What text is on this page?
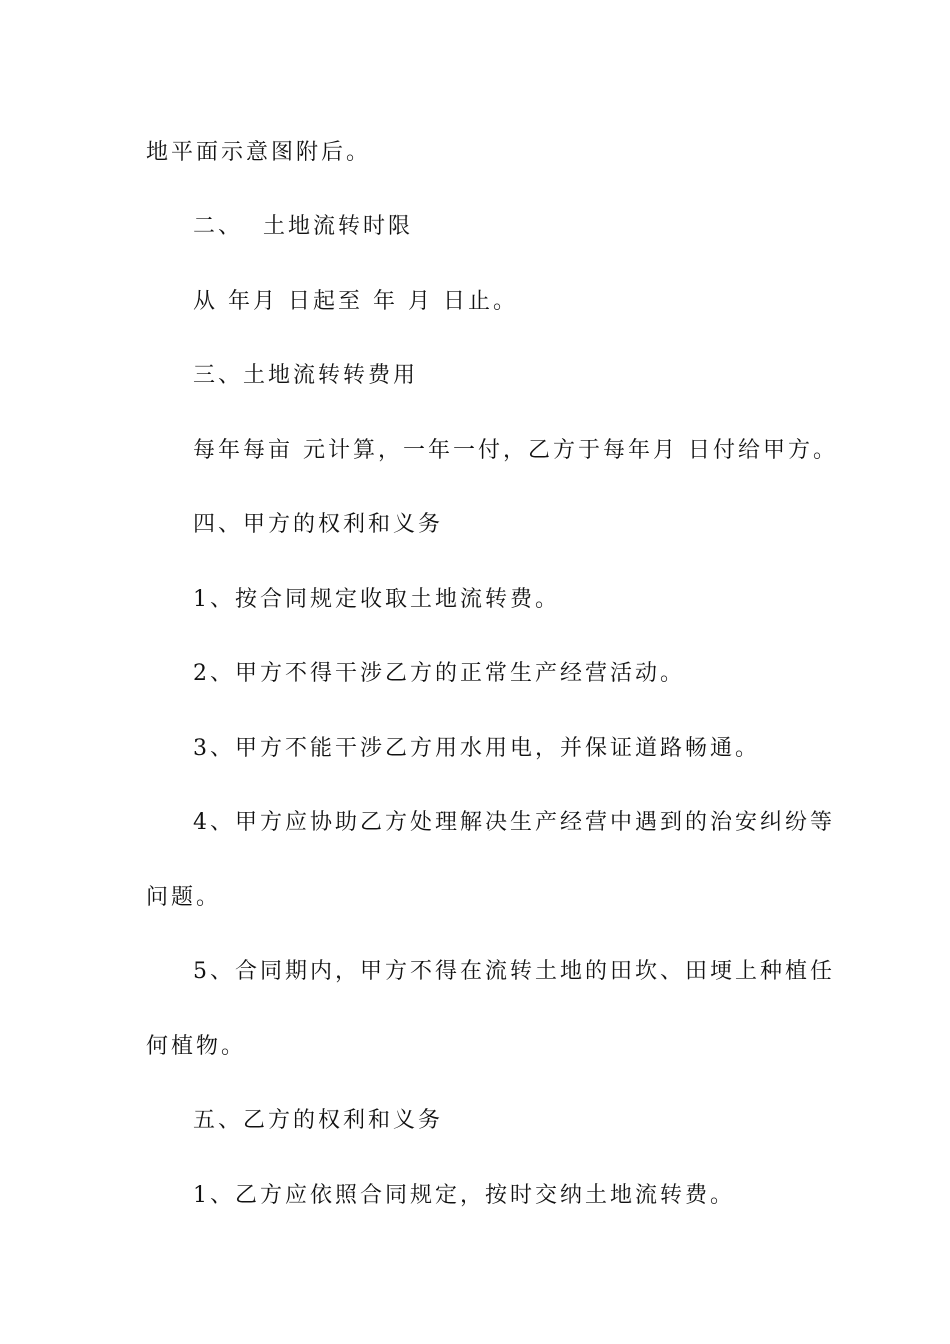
地平面示意图附后。
二、  土地流转时限
从 年月 日起至 年 月 日止。
三、土地流转转费用
每年每亩 元计算，一年一付，乙方于每年月 日付给甲方。
四、甲方的权利和义务
1、按合同规定收取土地流转费。
2、甲方不得干涉乙方的正常生产经营活动。
3、甲方不能干涉乙方用水用电，并保证道路畅通。
4、甲方应协助乙方处理解决生产经营中遇到的治安纠纷等
问题。
5、合同期内，甲方不得在流转土地的田坎、田埂上种植任
何植物。
五、乙方的权利和义务
1、乙方应依照合同规定，按时交纳土地流转费。
